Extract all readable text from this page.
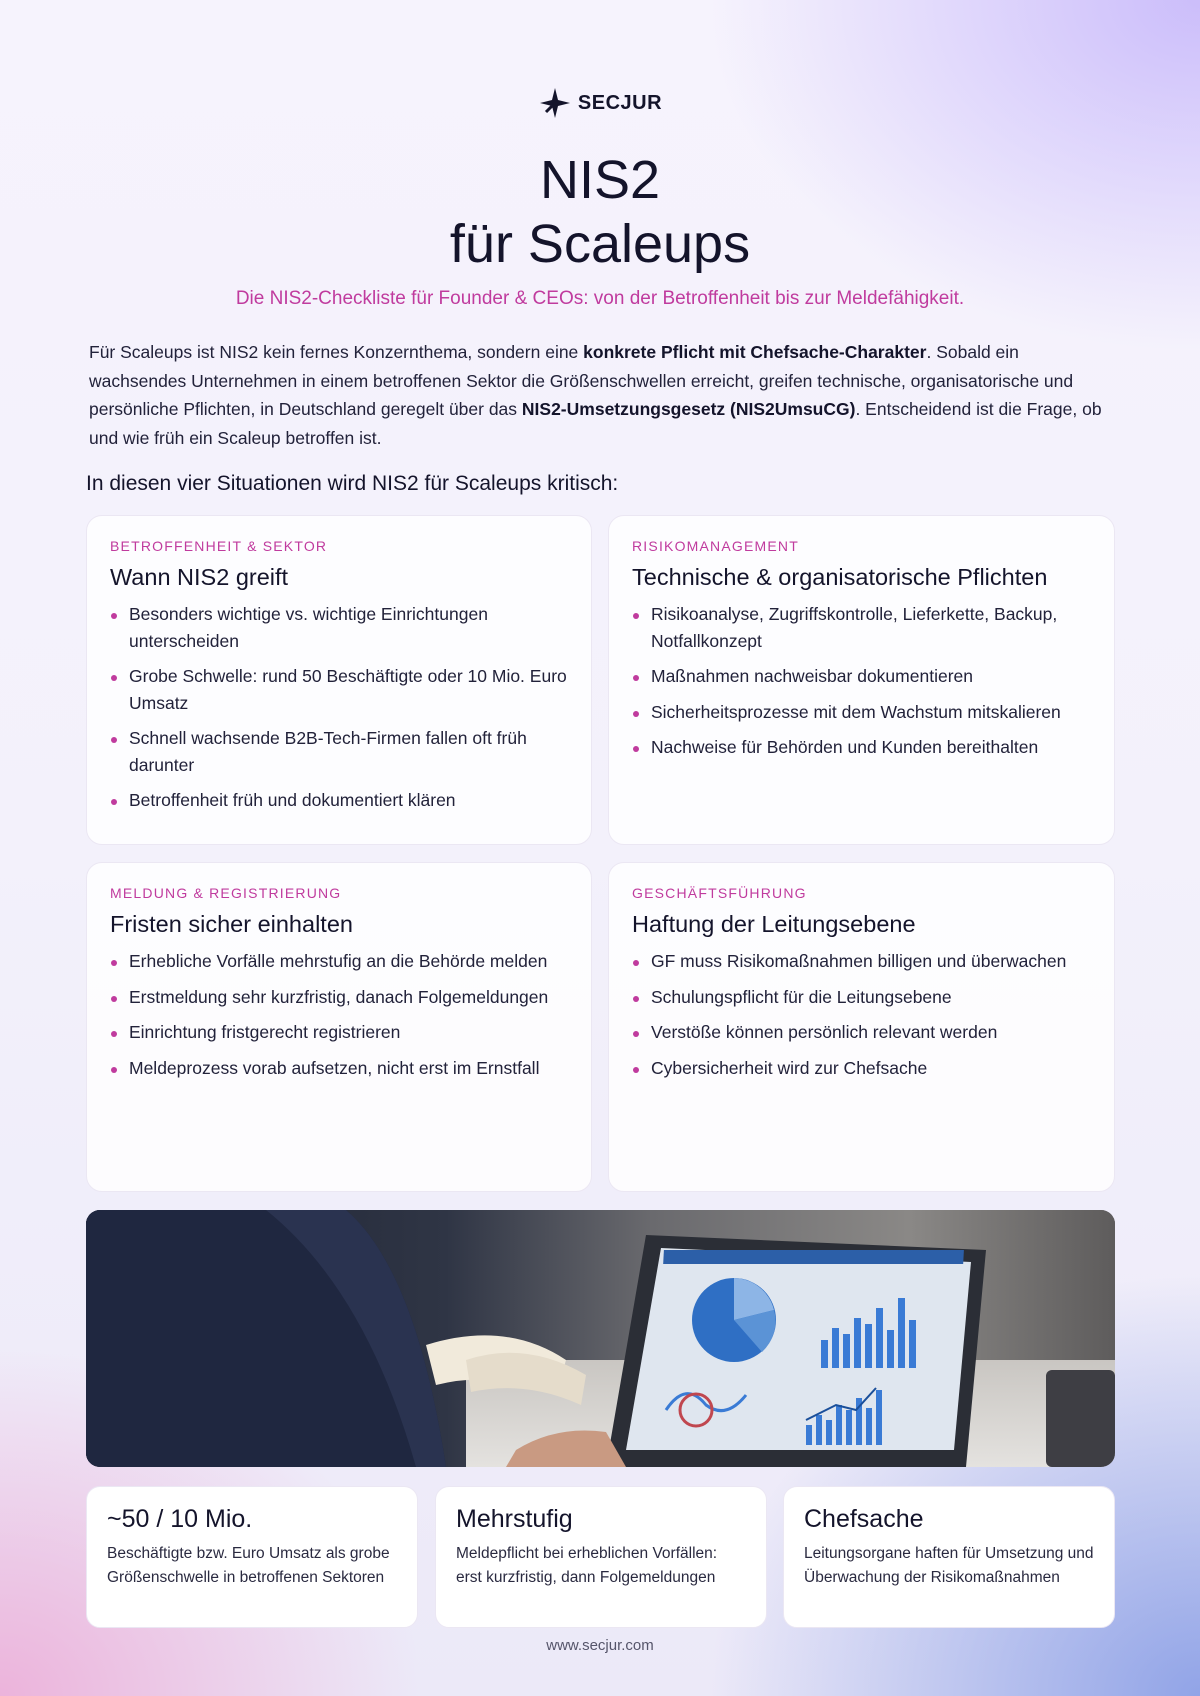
SECJUR
NIS2
für Scaleups
Die NIS2-Checkliste für Founder & CEOs: von der Betroffenheit bis zur Meldefähigkeit.

Für Scaleups ist NIS2 kein fernes Konzernthema, sondern eine konkrete Pflicht mit Chefsache-Charakter. Sobald ein wachsendes Unternehmen in einem betroffenen Sektor die Größenschwellen erreicht, greifen technische, organisatorische und persönliche Pflichten, in Deutschland geregelt über das NIS2-Umsetzungsgesetz (NIS2UmsuCG). Entscheidend ist die Frage, ob und wie früh ein Scaleup betroffen ist.

In diesen vier Situationen wird NIS2 für Scaleups kritisch:
BETROFFENHEIT & SEKTOR
Wann NIS2 greift
Besonders wichtige vs. wichtige Einrichtungen unterscheiden
Grobe Schwelle: rund 50 Beschäftigte oder 10 Mio. Euro Umsatz
Schnell wachsende B2B-Tech-Firmen fallen oft früh darunter
Betroffenheit früh und dokumentiert klären
RISIKOMANAGEMENT
Technische & organisatorische Pflichten
Risikoanalyse, Zugriffskontrolle, Lieferkette, Backup, Notfallkonzept
Maßnahmen nachweisbar dokumentieren
Sicherheitsprozesse mit dem Wachstum mitskalieren
Nachweise für Behörden und Kunden bereithalten
MELDUNG & REGISTRIERUNG
Fristen sicher einhalten
Erhebliche Vorfälle mehrstufig an die Behörde melden
Erstmeldung sehr kurzfristig, danach Folgemeldungen
Einrichtung fristgerecht registrieren
Meldeprozess vorab aufsetzen, nicht erst im Ernstfall
GESCHÄFTSFÜHRUNG
Haftung der Leitungsebene
GF muss Risikomaßnahmen billigen und überwachen
Schulungspflicht für die Leitungsebene
Verstöße können persönlich relevant werden
Cybersicherheit wird zur Chefsache
~50 / 10 Mio.
Beschäftigte bzw. Euro Umsatz als grobe Größenschwelle in betroffenen Sektoren
Mehrstufig
Meldepflicht bei erheblichen Vorfällen: erst kurzfristig, dann Folgemeldungen
Chefsache
Leitungsorgane haften für Umsetzung und Überwachung der Risikomaßnahmen
www.secjur.com
